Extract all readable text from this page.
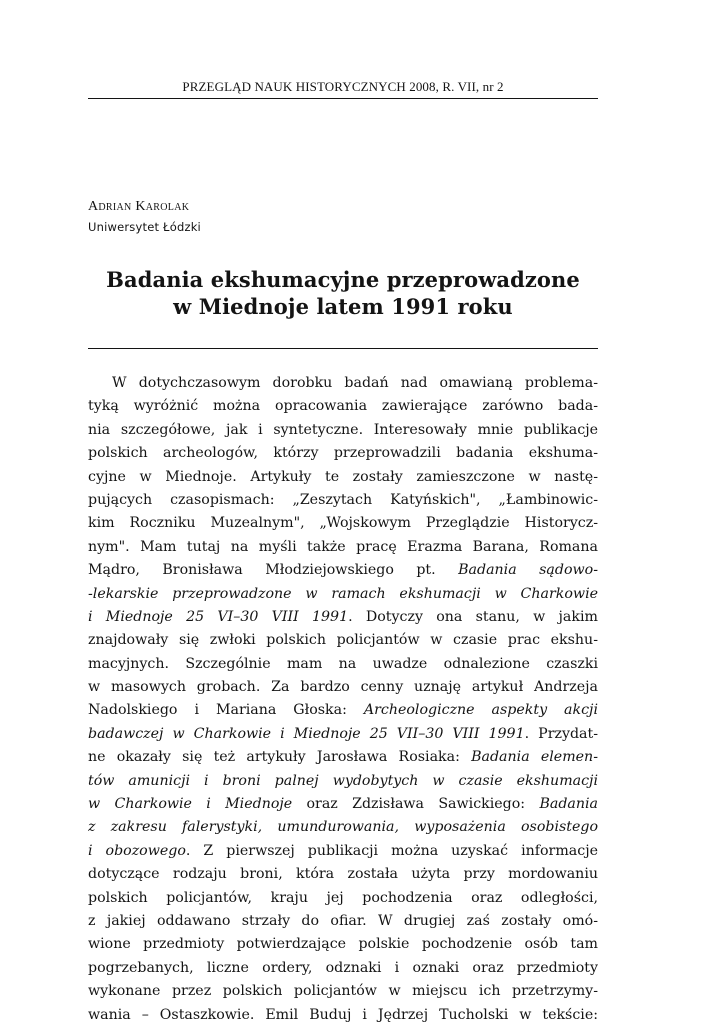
PRZEGLĄD NAUK HISTORYCZNYCH 2008, R. VII, nr 2
Adrian Karolak
Uniwersytet Łódzki
Badania ekshumacyjne przeprowadzone
w Miednoje latem 1991 roku
W dotychczasowym dorobku badań nad omawianą problema-
tyką wyróżnić można opracowania zawierające zarówno bada-
nia szczegółowe, jak i syntetyczne. Interesowały mnie publikacje
polskich archeologów, którzy przeprowadzili badania ekshuma-
cyjne w Miednoje. Artykuły te zostały zamieszczone w nastę-
pujących czasopismach: „Zeszytach Katyńskich", „Łambinowic-
kim Roczniku Muzealnym", „Wojskowym Przeglądzie Historycz-
nym". Mam tutaj na myśli także pracę Erazma Barana, Romana
Mądro, Bronisława Młodziejowskiego pt. Badania sądowo-
-lekarskie przeprowadzone w ramach ekshumacji w Charkowie
i Miednoje 25 VI–30 VIII 1991. Dotyczy ona stanu, w jakim
znajdowały się zwłoki polskich policjantów w czasie prac ekshu-
macyjnych. Szczególnie mam na uwadze odnalezione czaszki
w masowych grobach. Za bardzo cenny uznaję artykuł Andrzeja
Nadolskiego i Mariana Głoska: Archeologiczne aspekty akcji
badawczej w Charkowie i Miednoje 25 VII–30 VIII 1991. Przydat-
ne okazały się też artykuły Jarosława Rosiaka: Badania elemen-
tów amunicji i broni palnej wydobytych w czasie ekshumacji
w Charkowie i Miednoje oraz Zdzisława Sawickiego: Badania
z zakresu falerystyki, umundurowania, wyposażenia osobistego
i obozowego. Z pierwszej publikacji można uzyskać informacje
dotyczące rodzaju broni, która została użyta przy mordowaniu
polskich policjantów, kraju jej pochodzenia oraz odległości,
z jakiej oddawano strzały do ofiar. W drugiej zaś zostały omó-
wione przedmioty potwierdzające polskie pochodzenie osób tam
pogrzebanych, liczne ordery, odznaki i oznaki oraz przedmioty
wykonane przez polskich policjantów w miejscu ich przetrzymy-
wania – Ostaszkowie. Emil Buduj i Jędrzej Tucholski w tekście:
